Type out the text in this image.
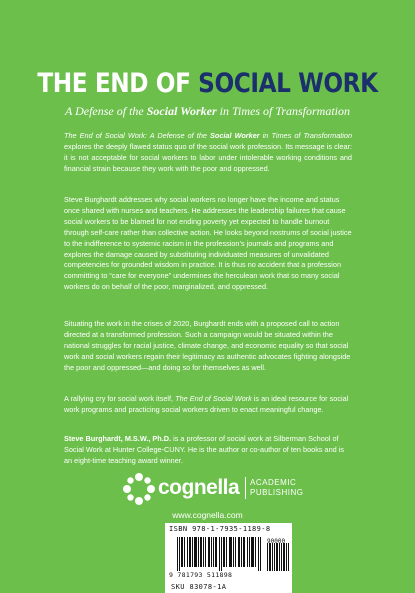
THE END OF SOCIAL WORK
A Defense of the Social Worker in Times of Transformation
The End of Social Work: A Defense of the Social Worker in Times of Transformation explores the deeply flawed status quo of the social work profession. Its message is clear: it is not acceptable for social workers to labor under intolerable working conditions and financial strain because they work with the poor and oppressed.
Steve Burghardt addresses why social workers no longer have the income and status once shared with nurses and teachers. He addresses the leadership failures that cause social workers to be blamed for not ending poverty yet expected to handle burnout through self-care rather than collective action. He looks beyond nostrums of social justice to the indifference to systemic racism in the profession’s journals and programs and explores the damage caused by substituting individuated measures of unvalidated competencies for grounded wisdom in practice. It is thus no accident that a profession committing to “care for everyone” undermines the herculean work that so many social workers do on behalf of the poor, marginalized, and oppressed.
Situating the work in the crises of 2020, Burghardt ends with a proposed call to action directed at a transformed profession. Such a campaign would be situated within the national struggles for racial justice, climate change, and economic equality so that social work and social workers regain their legitimacy as authentic advocates fighting alongside the poor and oppressed—and doing so for themselves as well.
A rallying cry for social work itself, The End of Social Work is an ideal resource for social work programs and practicing social workers driven to enact meaningful change.
Steve Burghardt, M.S.W., Ph.D. is a professor of social work at Silberman School of Social Work at Hunter College-CUNY. He is the author or co-author of ten books and is an eight-time teaching award winner.
cognella ACADEMIC
PUBLISHING
www.cognella.com
ISBN 978-1-7935-1189-8
90000
9 781793 511898
SKU 83078-1A
